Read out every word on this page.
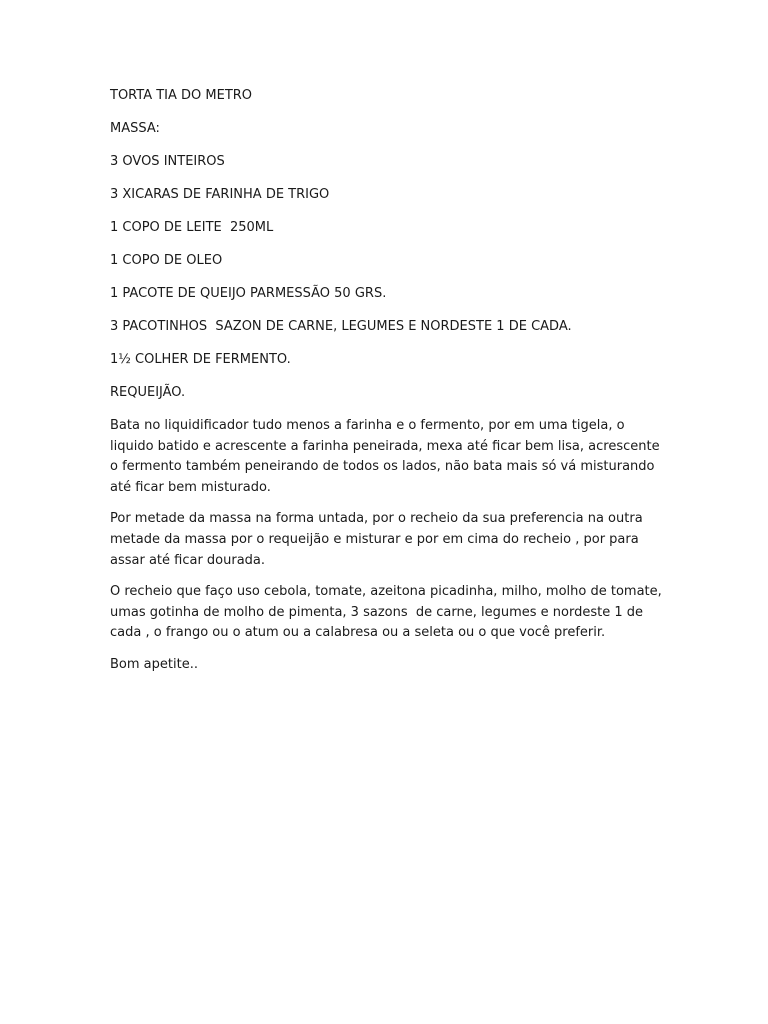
TORTA TIA DO METRO

MASSA:

3 OVOS INTEIROS

3 XICARAS DE FARINHA DE TRIGO

1 COPO DE LEITE  250ML

1 COPO DE OLEO

1 PACOTE DE QUEIJO PARMESSÃO 50 GRS.

3 PACOTINHOS  SAZON DE CARNE, LEGUMES E NORDESTE 1 DE CADA.

1½ COLHER DE FERMENTO.

REQUEIJÃO.

Bata no liquidificador tudo menos a farinha e o fermento, por em uma tigela, o liquido batido e acrescente a farinha peneirada, mexa até ficar bem lisa, acrescente o fermento também peneirando de todos os lados, não bata mais só vá misturando até ficar bem misturado.

Por metade da massa na forma untada, por o recheio da sua preferencia na outra metade da massa por o requeijão e misturar e por em cima do recheio , por para assar até ficar dourada.

O recheio que faço uso cebola, tomate, azeitona picadinha, milho, molho de tomate, umas gotinha de molho de pimenta, 3 sazons  de carne, legumes e nordeste 1 de cada , o frango ou o atum ou a calabresa ou a seleta ou o que você preferir.

Bom apetite..
